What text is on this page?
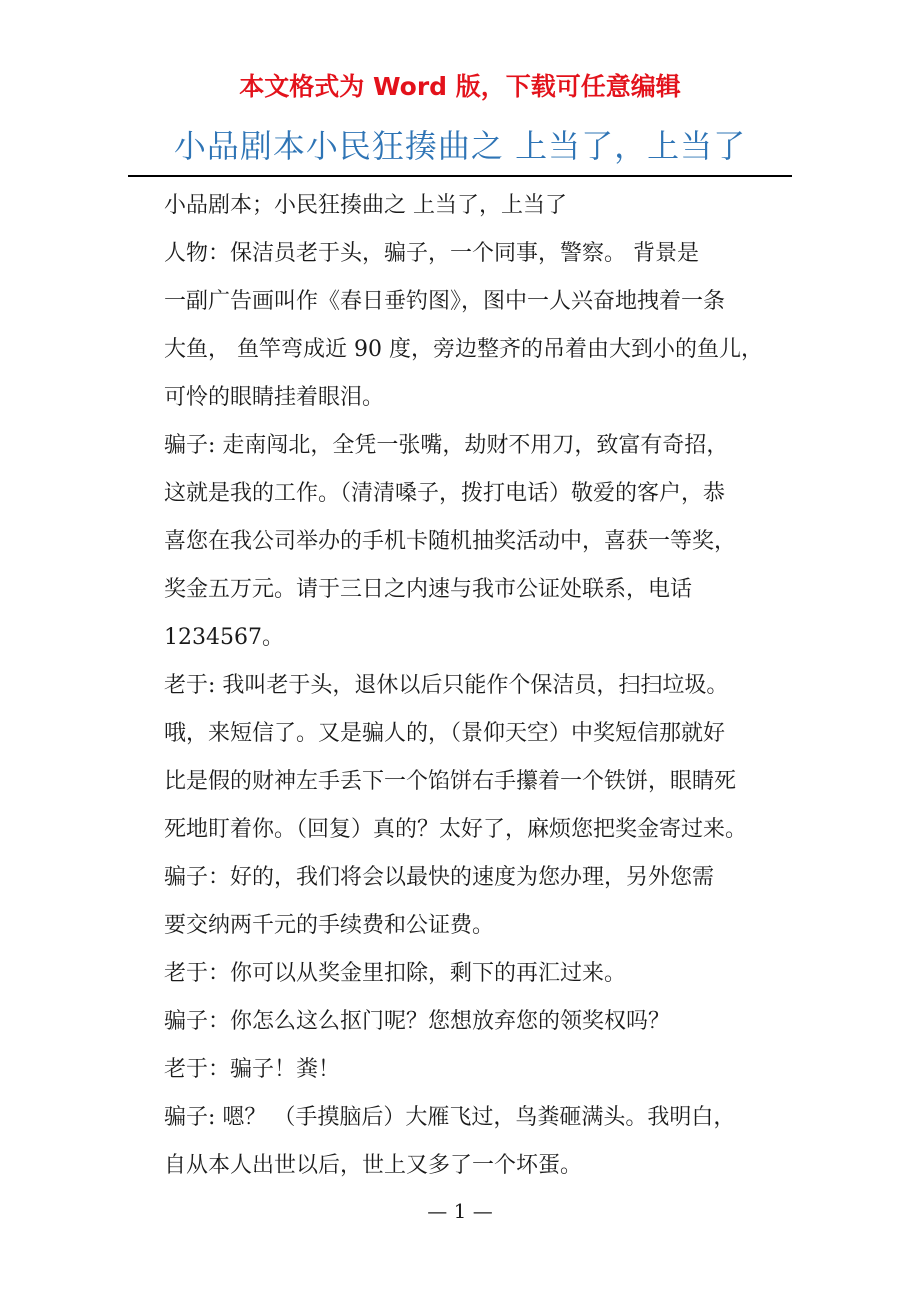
本文格式为 Word 版，下载可任意编辑
小品剧本小民狂揍曲之 上当了，上当了
小品剧本；小民狂揍曲之 上当了，上当了
人物：保洁员老于头，骗子，一个同事，警察。 背景是
一副广告画叫作《春日垂钓图》，图中一人兴奋地拽着一条
大鱼， 鱼竿弯成近 90 度，旁边整齐的吊着由大到小的鱼儿，
可怜的眼睛挂着眼泪。
骗子: 走南闯北，全凭一张嘴，劫财不用刀，致富有奇招，
这就是我的工作。（清清嗓子，拨打电话）敬爱的客户，恭
喜您在我公司举办的手机卡随机抽奖活动中，喜获一等奖，
奖金五万元。请于三日之内速与我市公证处联系，电话
1234567。
老于: 我叫老于头，退休以后只能作个保洁员，扫扫垃圾。
哦，来短信了。又是骗人的，（景仰天空）中奖短信那就好
比是假的财神左手丢下一个馅饼右手攥着一个铁饼，眼睛死
死地盯着你。（回复）真的？太好了，麻烦您把奖金寄过来。
骗子：好的，我们将会以最快的速度为您办理，另外您需
要交纳两千元的手续费和公证费。
老于：你可以从奖金里扣除，剩下的再汇过来。
骗子：你怎么这么抠门呢？您想放弃您的领奖权吗？
老于：骗子！粪！
骗子: 嗯？ （手摸脑后）大雁飞过，鸟粪砸满头。我明白，
自从本人出世以后，世上又多了一个坏蛋。
— 1 —
